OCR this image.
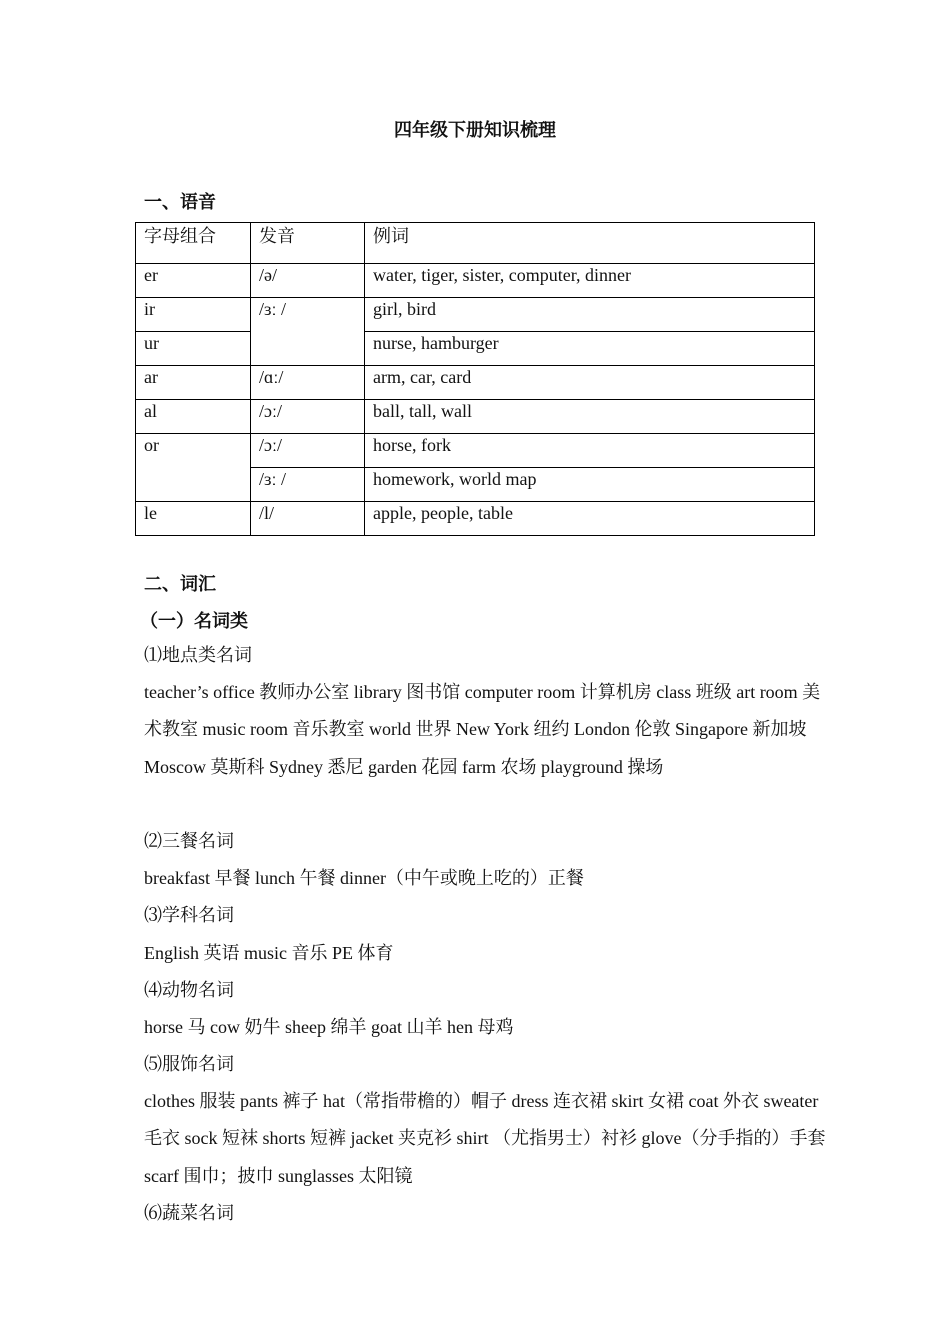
四年级下册知识梳理
一、语音
字母组合	发音	例词
er	/ə/	water, tiger, sister, computer, dinner
ir	/ɜː /	girl, bird
ur		nurse, hamburger
ar	/ɑː/	arm, car, card
al	/ɔː/	ball, tall, wall
or	/ɔː/	horse, fork
	/ɜː /	homework, world map
le	/l/	apple, people, table
二、词汇
（一）名词类
⑴地点类名词
teacher’s office 教师办公室 library 图书馆 computer room 计算机房 class 班级 art room 美术教室 music room 音乐教室 world 世界 New York 纽约 London 伦敦 Singapore 新加坡 Moscow 莫斯科 Sydney 悉尼 garden 花园 farm 农场 playground 操场
⑵三餐名词
breakfast 早餐 lunch 午餐 dinner（中午或晚上吃的）正餐
⑶学科名词
English 英语 music 音乐 PE 体育
⑷动物名词
horse 马 cow 奶牛 sheep 绵羊 goat 山羊 hen 母鸡
⑸服饰名词
clothes 服装 pants 裤子 hat（常指带檐的）帽子 dress 连衣裙 skirt 女裙 coat 外衣 sweater 毛衣 sock 短袜 shorts 短裤 jacket 夹克衫 shirt （尤指男士）衬衫 glove（分手指的）手套 scarf 围巾；披巾 sunglasses 太阳镜
⑹蔬菜名词
